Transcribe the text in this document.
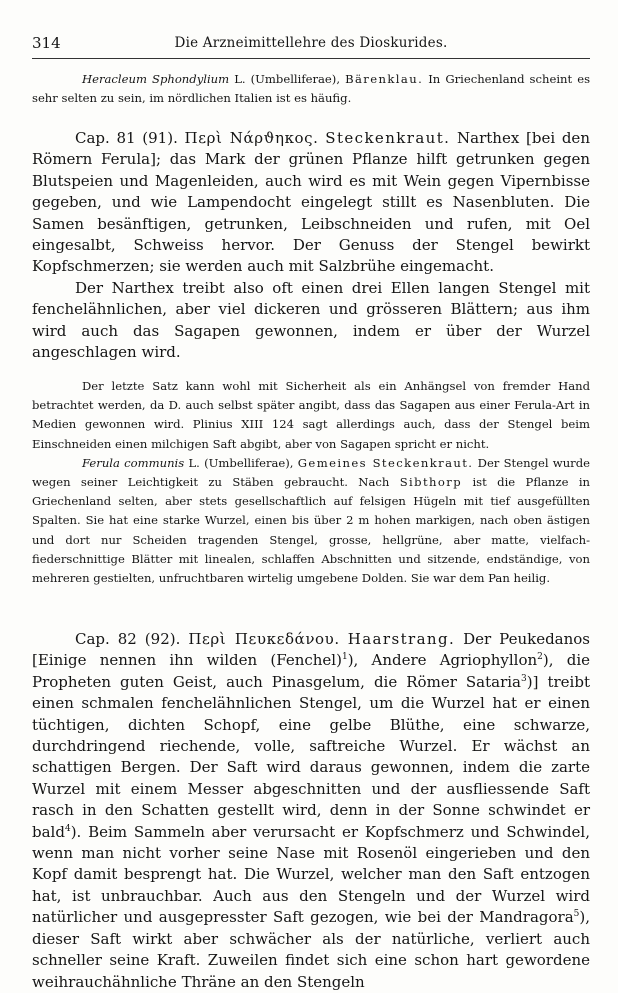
314	Die Arzneimittellehre des Dioskurides.

Heracleum Sphondylium L. (Umbelliferae), Bärenklau. In Griechenland scheint es sehr selten zu sein, im nördlichen Italien ist es häufig.

Cap. 81 (91). Περὶ Νάρϑηκος. Steckenkraut. Narthex [bei den Römern Ferula]; das Mark der grünen Pflanze hilft getrunken gegen Blutspeien und Magenleiden, auch wird es mit Wein gegen Vipernbisse gegeben, und wie Lampendocht eingelegt stillt es Nasenbluten. Die Samen besänftigen, getrunken, Leibschneiden und rufen, mit Oel eingesalbt, Schweiss hervor. Der Genuss der Stengel bewirkt Kopfschmerzen; sie werden auch mit Salzbrühe eingemacht.

Der Narthex treibt also oft einen drei Ellen langen Stengel mit fenchelähnlichen, aber viel dickeren und grösseren Blättern; aus ihm wird auch das Sagapen gewonnen, indem er über der Wurzel angeschlagen wird.

Der letzte Satz kann wohl mit Sicherheit als ein Anhängsel von fremder Hand betrachtet werden, da D. auch selbst später angibt, dass das Sagapen aus einer Ferula-Art in Medien gewonnen wird. Plinius XIII 124 sagt allerdings auch, dass der Stengel beim Einschneiden einen milchigen Saft abgibt, aber von Sagapen spricht er nicht.

Ferula communis L. (Umbelliferae), Gemeines Steckenkraut. Der Stengel wurde wegen seiner Leichtigkeit zu Stäben gebraucht. Nach Sibthorp ist die Pflanze in Griechenland selten, aber stets gesellschaftlich auf felsigen Hügeln mit tief ausgefüllten Spalten. Sie hat eine starke Wurzel, einen bis über 2 m hohen markigen, nach oben ästigen und dort nur Scheiden tragenden Stengel, grosse, hellgrüne, aber matte, vielfach-fiederschnittige Blätter mit linealen, schlaffen Abschnitten und sitzende, endständige, von mehreren gestielten, unfruchtbaren wirtelig umgebene Dolden. Sie war dem Pan heilig.

Cap. 82 (92). Περὶ Πευκεδάνου. Haarstrang. Der Peukedanos [Einige nennen ihn wilden (Fenchel)$^1$), Andere Agriophyllon$^2$), die Propheten guten Geist, auch Pinasgelum, die Römer Sataria$^3$)] treibt einen schmalen fenchelähnlichen Stengel, um die Wurzel hat er einen tüchtigen, dichten Schopf, eine gelbe Blüthe, eine schwarze, durchdringend riechende, volle, saftreiche Wurzel. Er wächst an schattigen Bergen. Der Saft wird daraus gewonnen, indem die zarte Wurzel mit einem Messer abgeschnitten und der ausfliessende Saft rasch in den Schatten gestellt wird, denn in der Sonne schwindet er bald$^4$). Beim Sammeln aber verursacht er Kopfschmerz und Schwindel, wenn man nicht vorher seine Nase mit Rosenöl eingerieben und den Kopf damit besprengt hat. Die Wurzel, welcher man den Saft entzogen hat, ist unbrauchbar. Auch aus den Stengeln und der Wurzel wird natürlicher und ausgepresster Saft gezogen, wie bei der Mandragora$^5$), dieser Saft wirkt aber schwächer als der natürliche, verliert auch schneller seine Kraft. Zuweilen findet sich eine schon hart gewordene weihrauchähnliche Thräne an den Stengeln
